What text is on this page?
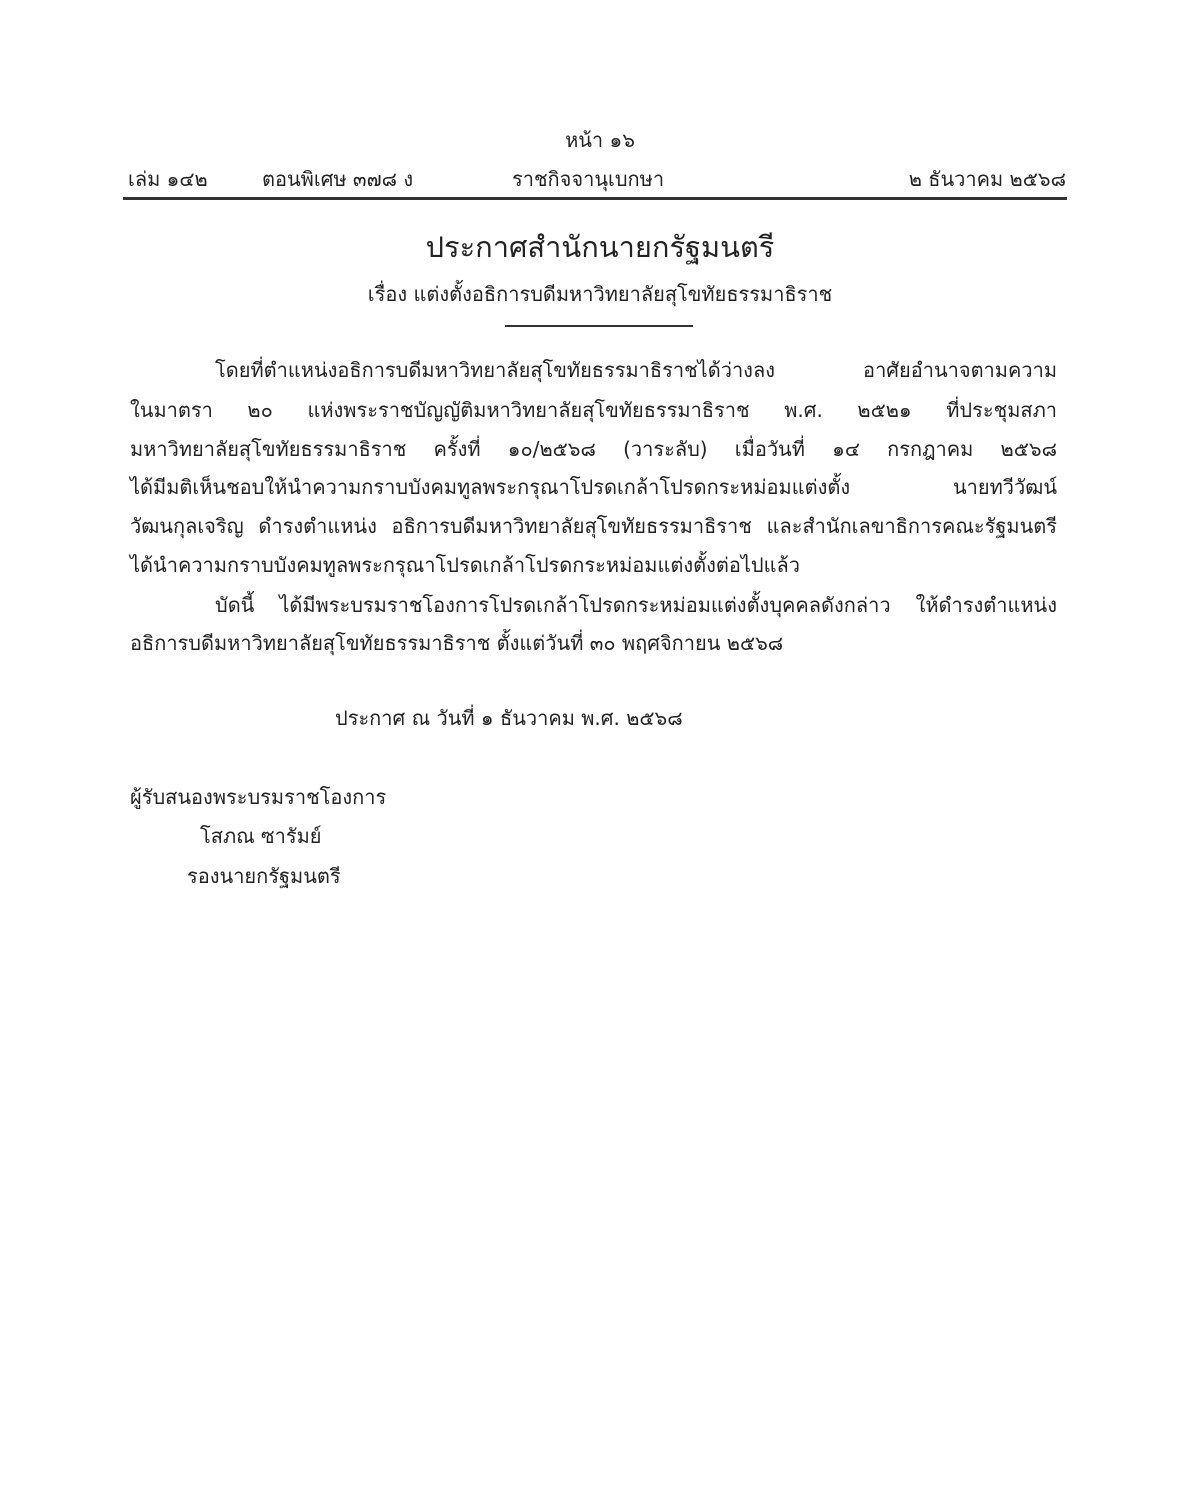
หน้า ๑๖
เล่ม ๑๔๒	ตอนพิเศษ ๓๗๘ ง	ราชกิจจานุเบกษา	๒ ธันวาคม ๒๕๖๘
ประกาศสำนักนายกรัฐมนตรี
เรื่อง แต่งตั้งอธิการบดีมหาวิทยาลัยสุโขทัยธรรมาธิราช
โดยที่ตำแหน่งอธิการบดีมหาวิทยาลัยสุโขทัยธรรมาธิราชได้ว่างลง อาศัยอำนาจตามความ
ในมาตรา ๒๐ แห่งพระราชบัญญัติมหาวิทยาลัยสุโขทัยธรรมาธิราช พ.ศ. ๒๕๒๑ ที่ประชุมสภา
มหาวิทยาลัยสุโขทัยธรรมาธิราช ครั้งที่ ๑๐/๒๕๖๘ (วาระลับ) เมื่อวันที่ ๑๔ กรกฎาคม ๒๕๖๘
ได้มีมติเห็นชอบให้นำความกราบบังคมทูลพระกรุณาโปรดเกล้าโปรดกระหม่อมแต่งตั้ง นายทวีวัฒน์
วัฒนกุลเจริญ ดำรงตำแหน่ง อธิการบดีมหาวิทยาลัยสุโขทัยธรรมาธิราช และสำนักเลขาธิการคณะรัฐมนตรี
ได้นำความกราบบังคมทูลพระกรุณาโปรดเกล้าโปรดกระหม่อมแต่งตั้งต่อไปแล้ว
บัดนี้ ได้มีพระบรมราชโองการโปรดเกล้าโปรดกระหม่อมแต่งตั้งบุคคลดังกล่าว ให้ดำรงตำแหน่ง
อธิการบดีมหาวิทยาลัยสุโขทัยธรรมาธิราช ตั้งแต่วันที่ ๓๐ พฤศจิกายน ๒๕๖๘
ประกาศ ณ วันที่ ๑ ธันวาคม พ.ศ. ๒๕๖๘
ผู้รับสนองพระบรมราชโองการ
โสภณ ซารัมย์
รองนายกรัฐมนตรี
